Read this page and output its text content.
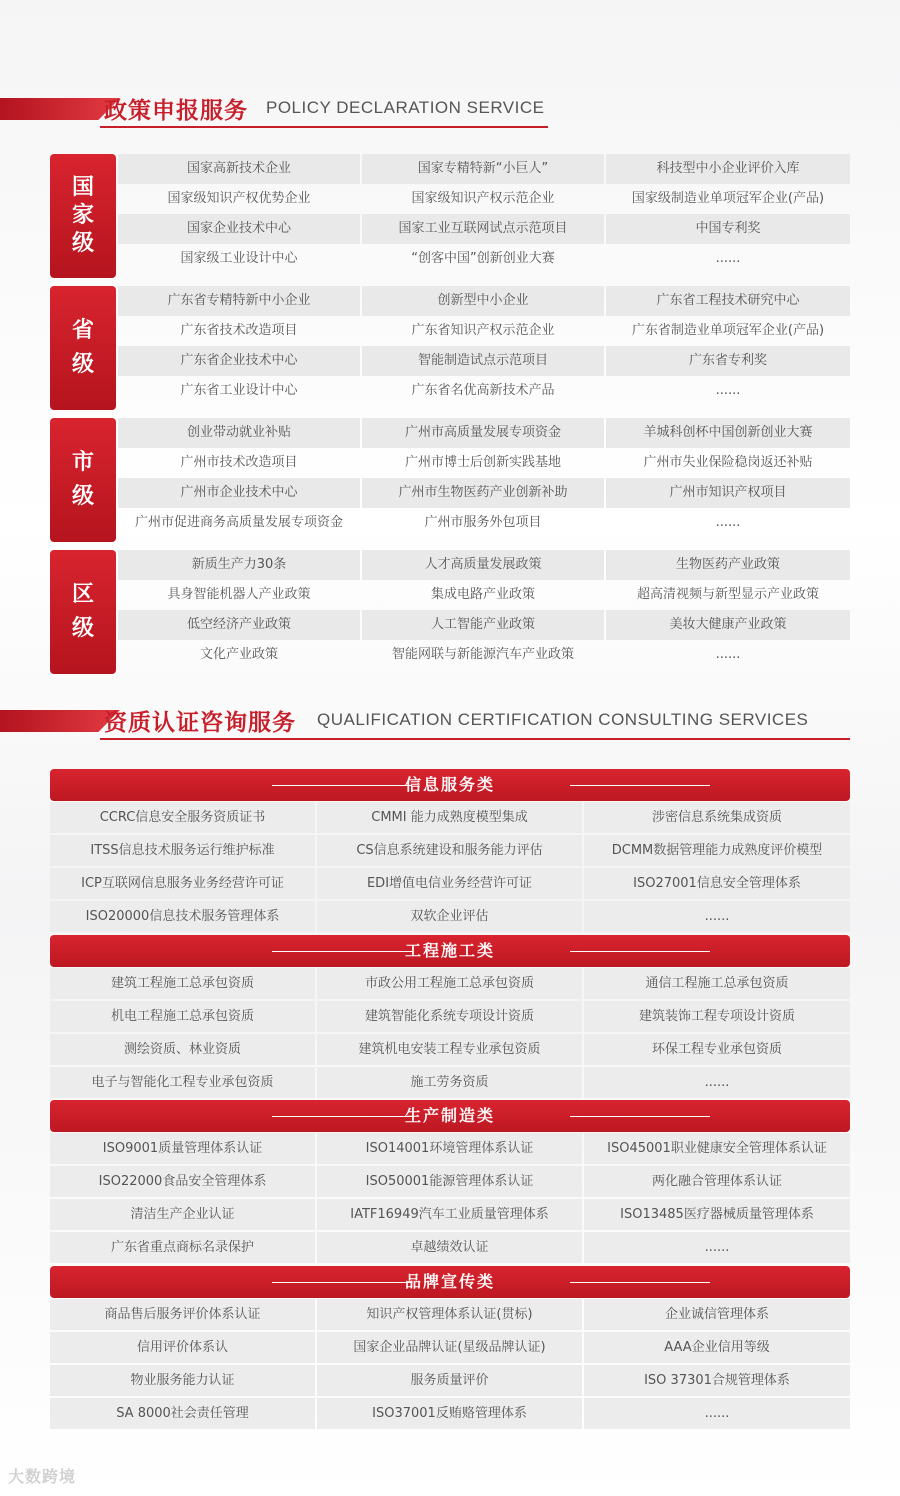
政策申报服务 POLICY DECLARATION SERVICE
国
家
级
国家高新技术企业	国家专精特新“小巨人”	科技型中小企业评价入库
国家级知识产权优势企业	国家级知识产权示范企业	国家级制造业单项冠军企业(产品)
国家企业技术中心	国家工业互联网试点示范项目	中国专利奖
国家级工业设计中心	“创客中国”创新创业大赛	......
省
级
广东省专精特新中小企业	创新型中小企业	广东省工程技术研究中心
广东省技术改造项目	广东省知识产权示范企业	广东省制造业单项冠军企业(产品)
广东省企业技术中心	智能制造试点示范项目	广东省专利奖
广东省工业设计中心	广东省名优高新技术产品	......
市
级
创业带动就业补贴	广州市高质量发展专项资金	羊城科创杯中国创新创业大赛
广州市技术改造项目	广州市博士后创新实践基地	广州市失业保险稳岗返还补贴
广州市企业技术中心	广州市生物医药产业创新补助	广州市知识产权项目
广州市促进商务高质量发展专项资金	广州市服务外包项目	......
区
级
新质生产力30条	人才高质量发展政策	生物医药产业政策
具身智能机器人产业政策	集成电路产业政策	超高清视频与新型显示产业政策
低空经济产业政策	人工智能产业政策	美妆大健康产业政策
文化产业政策	智能网联与新能源汽车产业政策	......
资质认证咨询服务 QUALIFICATION CERTIFICATION CONSULTING SERVICES
信息服务类
CCRC信息安全服务资质证书	CMMI 能力成熟度模型集成	涉密信息系统集成资质
ITSS信息技术服务运行维护标准	CS信息系统建设和服务能力评估	DCMM数据管理能力成熟度评价模型
ICP互联网信息服务业务经营许可证	EDI增值电信业务经营许可证	ISO27001信息安全管理体系
ISO20000信息技术服务管理体系	双软企业评估	......
工程施工类
建筑工程施工总承包资质	市政公用工程施工总承包资质	通信工程施工总承包资质
机电工程施工总承包资质	建筑智能化系统专项设计资质	建筑装饰工程专项设计资质
测绘资质、林业资质	建筑机电安装工程专业承包资质	环保工程专业承包资质
电子与智能化工程专业承包资质	施工劳务资质	......
生产制造类
ISO9001质量管理体系认证	ISO14001环境管理体系认证	ISO45001职业健康安全管理体系认证
ISO22000食品安全管理体系	ISO50001能源管理体系认证	两化融合管理体系认证
清洁生产企业认证	IATF16949汽车工业质量管理体系	ISO13485医疗器械质量管理体系
广东省重点商标名录保护	卓越绩效认证	......
品牌宣传类
商品售后服务评价体系认证	知识产权管理体系认证(贯标)	企业诚信管理体系
信用评价体系认	国家企业品牌认证(星级品牌认证)	AAA企业信用等级
物业服务能力认证	服务质量评价	ISO 37301合规管理体系
SA 8000社会责任管理	ISO37001反贿赂管理体系	......
大数跨境
